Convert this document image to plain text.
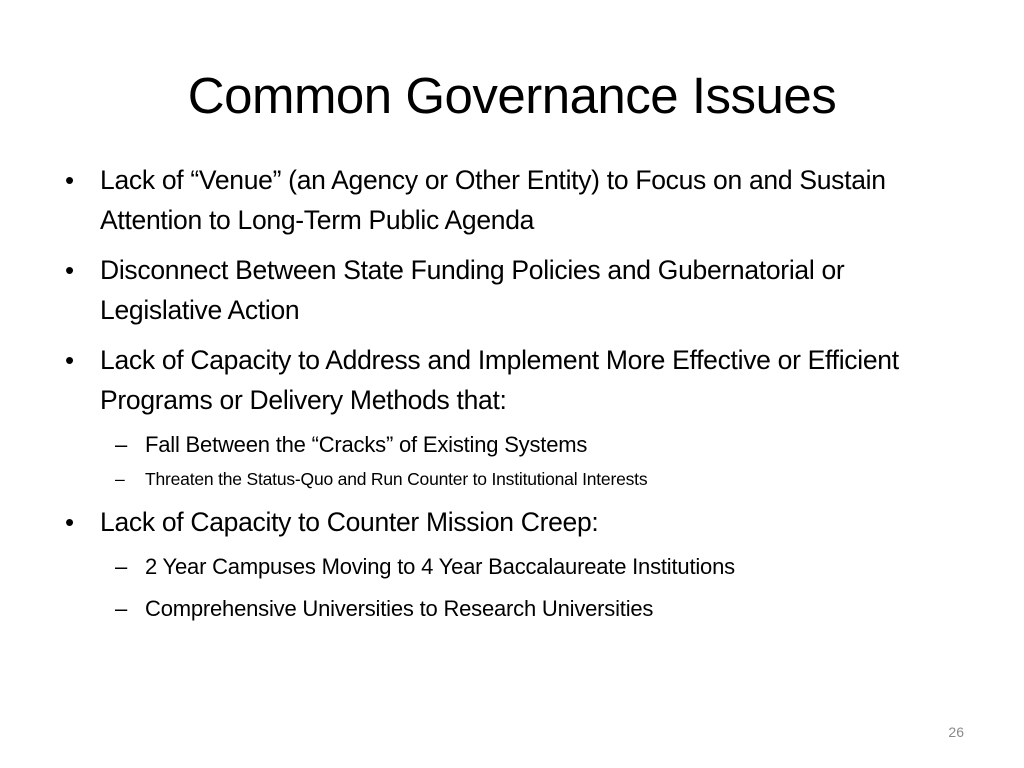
Common Governance Issues
• Lack of “Venue” (an Agency or Other Entity) to Focus on and Sustain Attention to Long-Term Public Agenda
• Disconnect Between State Funding Policies and Gubernatorial or Legislative Action
• Lack of Capacity to Address and Implement More Effective or Efficient Programs or Delivery Methods that:
– Fall Between the “Cracks” of Existing Systems
– Threaten the Status-Quo and Run Counter to Institutional Interests
• Lack of Capacity to Counter Mission Creep:
– 2 Year Campuses Moving to 4 Year Baccalaureate Institutions
– Comprehensive Universities to Research Universities
26
